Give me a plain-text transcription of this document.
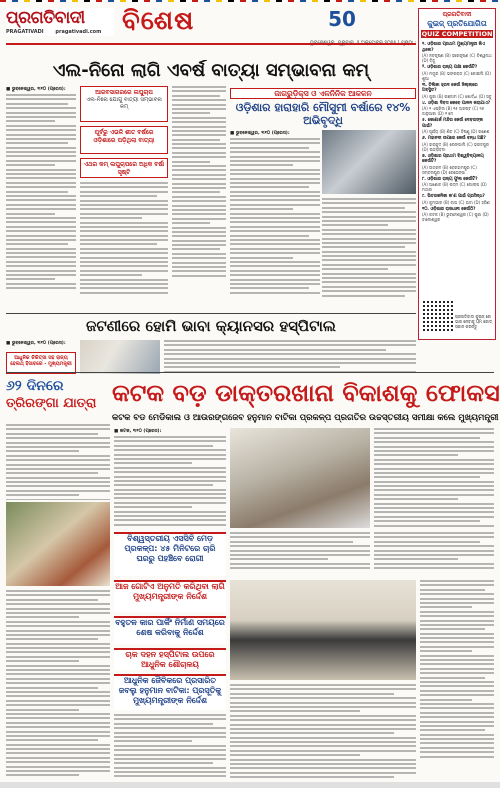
ପ୍ରଗତିବାଦୀ
PRAGATIVADI pragativadi.com ବିଶେଷ	50
ଏଲ-ନିନୋ ଲାଗି ଏବର୍ଷ ବାତ୍ୟା ସମ୍ଭାବନା କମ୍
■ ଭୁବନେଶ୍ୱର, ୧ା୧୦ (ପ୍ରେସ):	ଆରବସାଗରରେ ଲଘୁଚାପ
ଏଲ-ନିନୋ ଯୋଗୁ ବାତ୍ୟା ସମ୍ଭାବନା କମ୍
ପୂର୍ବରୁ ଏଭଳି ଶୀତ ବର୍ଷରେ ଓଡ଼ିଶାରେ ପଡ଼ିଥିଲା ବାତ୍ୟା
ଏଥର କମ୍ ଲଘୁଚାପରେ ଅଧିକ ବର୍ଷା ସୃଷ୍ଟି
ଜାଗରୁଡ଼ିକ୍ସ ଓ ଏଳନିନିକ ଆକଳନ
ଓଡ଼ିଶାର ହାରାହାରି ମୌସୁମୀ ବର୍ଷାରେ ୧୪% ଅଭିବୃଦ୍ଧି
■ ଭୁବନେଶ୍ୱର, ୧ା୧୦ (ପ୍ରେସ):
ଜଟଣୀରେ ହୋମି ଭାବା କ୍ୟାନସର ହସ୍ପିଟାଲ
■ ଭୁବନେଶ୍ୱର, ୧ା୧୦ (ପ୍ରେସ):
ଆଧୁନିକ ଚିକିତ୍ସା ସହ ରାଜ୍ୟ ହେଲଥ୍ ହିସାବରେ - ମୁଖ୍ୟମନ୍ତ୍ରୀ
ପ୍ରଗତିବାଦୀ
କୁଇଜ୍ ପ୍ରତିଯୋଗିତା
QUIZ COMPETITION
୧. ଓଡ଼ିଶାର ପ୍ରଥମ ମୁଖ୍ୟମନ୍ତ୍ରୀ କିଏ ଥିଲେ?
(A) ନବକୃଷ୍ଣ (B) ହରେକୃଷ୍ଣ (C) ବିଶ୍ୱନାଥ (D) ବିଜୁ
୨. ଓଡ଼ିଶାର ରାଜ୍ୟ ପକ୍ଷୀ କେଉଁଟି?
(A) ମୟୂର (B) ଭଙ୍ଗରାଜ (C) କୋଇଲି (D) ଶୁଆ
୩. ଚିଲିକା ହ୍ରଦ କେଉଁ ଜିଲ୍ଲାରେ ଅବସ୍ଥିତ?
(A) ପୁରୀ (B) ଗଞ୍ଜାମ (C) ଖୋର୍ଦ୍ଧା (D) ସବୁ
୪. ଓଡ଼ିଶା ଦିବସ କେବେ ପାଳନ କରାଯାଏ?
(A) ୧ ଏପ୍ରିଲ (B) ୧୫ ଅଗଷ୍ଟ (C) ୨୬ ଜାନୁଆରୀ (D) ୧ ମେ
୫. କୋଣାର୍କ ମନ୍ଦିର କେଉଁ ଦେବତାଙ୍କ ପାଇଁ?
(A) ସୂର୍ଯ୍ୟ (B) ଶିବ (C) ବିଷ୍ଣୁ (D) ଗଣେଶ
୬. ମହାନଦୀ ଉପରେ କେଉଁ ବନ୍ଧ ଅଛି?
(A) ହୀରାକୁଦ (B) ରେଙ୍ଗାଲି (C) ଭରତପୁର (D) ଇନ୍ଦ୍ରାବତୀ
୭. ଓଡ଼ିଶାର ପ୍ରଥମ ବିଶ୍ୱବିଦ୍ୟାଳୟ କେଉଁଟି?
(A) ଉତ୍କଳ (B) ବେରହାମପୁର (C) ସମ୍ବଲପୁର (D) ରେଭେନ୍ସା
୮. ଓଡ଼ିଶାର ରାଜ୍ୟ ଫୁଲ କେଉଁଟି?
(A) ଅଶୋକ (B) ପଦ୍ମ (C) ଗୋଲାପ (D) ମନ୍ଦାର
୯. ଭିତରକନିକା କ'ଣ ପାଇଁ ପ୍ରସିଦ୍ଧ?
(A) କୁମ୍ଭୀର (B) ବାଘ (C) ହାତୀ (D) ହରିଣ
୧୦. ଓଡ଼ିଶାର ରାଜଧାନୀ କେଉଁଠି?
(A) କଟକ (B) ଭୁବନେଶ୍ୱର (C) ପୁରୀ (D) ବାଲେଶ୍ୱର
ପ୍ରଗତିବାଦୀ କୁଇଜ୍ ରେ ଭାଗ ନେବାକୁ QR କୋଡ୍ ସ୍କାନ କରନ୍ତୁ
୬୨ ଦିନରେ
ତ୍ରିରଙ୍ଗା ଯାତ୍ରା କଟକ ବଡ଼ ଡାକ୍ତରଖାନା ବିକାଶକୁ ଫୋକସ
କଟକ ବଡ ମେଡିକାଲ ଓ ଆଉରଙ୍ଗଜେବ ହନୁମାନ ବାଟିକା ପ୍ରକଳ୍ପ ପ୍ରଗତିର ଉଚ୍ଚସ୍ତରୀୟ ସମୀକ୍ଷା କଲେ ମୁଖ୍ୟମନ୍ତ୍ରୀ
■ କଟକ, ୧ା୧୦ (ପ୍ରେସ):
ବିଶ୍ୱସ୍ତରୀୟ ଏସସିବି ମେଡ଼ ପ୍ରକଳ୍ପ: ୪୫ ମିନିଟରେ ଚାରି ଘରରୁ ପହଞ୍ଚିବେ ରୋଗୀ
ଆଜ ଗୋଟିଏ ଅନୁମତି କରିଥିବା ଲାଗି ମୁଖ୍ୟମନ୍ତ୍ରୀଙ୍କ ନିର୍ଦ୍ଦେଶ
ବହୁତଳ କାର ପାର୍କିଂ ନିର୍ମାଣ ସମୟରେ ଶେଷ କରିବାକୁ ନିର୍ଦ୍ଦେଶ
ଚାକ ଦହନ ହସ୍ପିଟାଲ ଉପରେ ଆଧୁନିକ ଶୌଚାଳୟ
ଆଧୁନିକ ଜୈବିକରେ ପ୍ରସାରିତ ଜବଲୁ ହନୁମାନ ବାଟିକା: ପ୍ରସୂତିକୁ ମୁଖ୍ୟମନ୍ତ୍ରୀଙ୍କ ନିର୍ଦ୍ଦେଶ
